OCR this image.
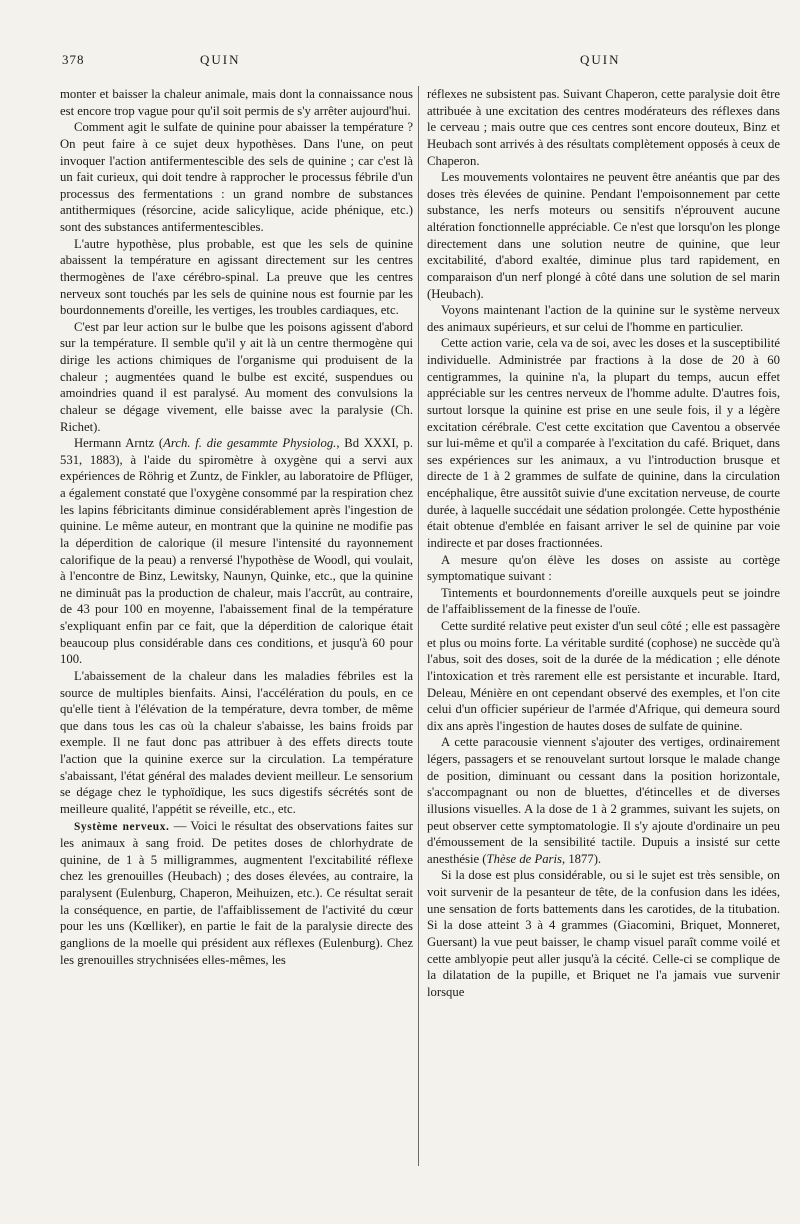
378	QUIN	QUIN

monter et baisser la chaleur animale, mais dont la connaissance nous est encore trop vague pour qu'il soit permis de s'y arrêter aujourd'hui.

Comment agit le sulfate de quinine pour abaisser la température ? On peut faire à ce sujet deux hypothèses. Dans l'une, on peut invoquer l'action antifermentescible des sels de quinine ; car c'est là un fait curieux, qui doit tendre à rapprocher le processus fébrile d'un processus des fermentations : un grand nombre de substances antithermiques (résorcine, acide salicylique, acide phénique, etc.) sont des substances antifermentescibles.

L'autre hypothèse, plus probable, est que les sels de quinine abaissent la température en agissant directement sur les centres thermogènes de l'axe cérébro-spinal. La preuve que les centres nerveux sont touchés par les sels de quinine nous est fournie par les bourdonnements d'oreille, les vertiges, les troubles cardiaques, etc.

C'est par leur action sur le bulbe que les poisons agissent d'abord sur la température. Il semble qu'il y ait là un centre thermogène qui dirige les actions chimiques de l'organisme qui produisent de la chaleur ; augmentées quand le bulbe est excité, suspendues ou amoindries quand il est paralysé. Au moment des convulsions la chaleur se dégage vivement, elle baisse avec la paralysie (Ch. Richet).

Hermann Arntz (Arch. f. die gesammte Physiolog., Bd XXXI, p. 531, 1883), à l'aide du spiromètre à oxygène qui a servi aux expériences de Röhrig et Zuntz, de Finkler, au laboratoire de Pflüger, a également constaté que l'oxygène consommé par la respiration chez les lapins fébricitants diminue considérablement après l'ingestion de quinine. Le même auteur, en montrant que la quinine ne modifie pas la déperdition de calorique (il mesure l'intensité du rayonnement calorifique de la peau) a renversé l'hypothèse de Woodl, qui voulait, à l'encontre de Binz, Lewitsky, Naunyn, Quinke, etc., que la quinine ne diminuât pas la production de chaleur, mais l'accrût, au contraire, de 43 pour 100 en moyenne, l'abaissement final de la température s'expliquant enfin par ce fait, que la déperdition de calorique était beaucoup plus considérable dans ces conditions, et jusqu'à 60 pour 100.

L'abaissement de la chaleur dans les maladies fébriles est la source de multiples bienfaits. Ainsi, l'accélération du pouls, en ce qu'elle tient à l'élévation de la température, devra tomber, de même que dans tous les cas où la chaleur s'abaisse, les bains froids par exemple. Il ne faut donc pas attribuer à des effets directs toute l'action que la quinine exerce sur la circulation. La température s'abaissant, l'état général des malades devient meilleur. Le sensorium se dégage chez le typhoïdique, les sucs digestifs sécrétés sont de meilleure qualité, l'appétit se réveille, etc., etc.

Système nerveux. — Voici le résultat des observations faites sur les animaux à sang froid. De petites doses de chlorhydrate de quinine, de 1 à 5 milligrammes, augmentent l'excitabilité réflexe chez les grenouilles (Heubach) ; des doses élevées, au contraire, la paralysent (Eulenburg, Chaperon, Meihuizen, etc.). Ce résultat serait la conséquence, en partie, de l'affaiblissement de l'activité du cœur pour les uns (Kœlliker), en partie le fait de la paralysie directe des ganglions de la moelle qui président aux réflexes (Eulenburg). Chez les grenouilles strychnisées elles-mêmes, les

réflexes ne subsistent pas. Suivant Chaperon, cette paralysie doit être attribuée à une excitation des centres modérateurs des réflexes dans le cerveau ; mais outre que ces centres sont encore douteux, Binz et Heubach sont arrivés à des résultats complètement opposés à ceux de Chaperon.

Les mouvements volontaires ne peuvent être anéantis que par des doses très élevées de quinine. Pendant l'empoisonnement par cette substance, les nerfs moteurs ou sensitifs n'éprouvent aucune altération fonctionnelle appréciable. Ce n'est que lorsqu'on les plonge directement dans une solution neutre de quinine, que leur excitabilité, d'abord exaltée, diminue plus tard rapidement, en comparaison d'un nerf plongé à côté dans une solution de sel marin (Heubach).

Voyons maintenant l'action de la quinine sur le système nerveux des animaux supérieurs, et sur celui de l'homme en particulier.

Cette action varie, cela va de soi, avec les doses et la susceptibilité individuelle. Administrée par fractions à la dose de 20 à 60 centigrammes, la quinine n'a, la plupart du temps, aucun effet appréciable sur les centres nerveux de l'homme adulte. D'autres fois, surtout lorsque la quinine est prise en une seule fois, il y a légère excitation cérébrale. C'est cette excitation que Caventou a observée sur lui-même et qu'il a comparée à l'excitation du café. Briquet, dans ses expériences sur les animaux, a vu l'introduction brusque et directe de 1 à 2 grammes de sulfate de quinine, dans la circulation encéphalique, être aussitôt suivie d'une excitation nerveuse, de courte durée, à laquelle succédait une sédation prolongée. Cette hyposthénie était obtenue d'emblée en faisant arriver le sel de quinine par voie indirecte et par doses fractionnées.

A mesure qu'on élève les doses on assiste au cortège symptomatique suivant :

Tintements et bourdonnements d'oreille auxquels peut se joindre de l'affaiblissement de la finesse de l'ouïe.

Cette surdité relative peut exister d'un seul côté ; elle est passagère et plus ou moins forte. La véritable surdité (cophose) ne succède qu'à l'abus, soit des doses, soit de la durée de la médication ; elle dénote l'intoxication et très rarement elle est persistante et incurable. Itard, Deleau, Ménière en ont cependant observé des exemples, et l'on cite celui d'un officier supérieur de l'armée d'Afrique, qui demeura sourd dix ans après l'ingestion de hautes doses de sulfate de quinine.

A cette paracousie viennent s'ajouter des vertiges, ordinairement légers, passagers et se renouvelant surtout lorsque le malade change de position, diminuant ou cessant dans la position horizontale, s'accompagnant ou non de bluettes, d'étincelles et de diverses illusions visuelles. A la dose de 1 à 2 grammes, suivant les sujets, on peut observer cette symptomatologie. Il s'y ajoute d'ordinaire un peu d'émoussement de la sensibilité tactile. Dupuis a insisté sur cette anesthésie (Thèse de Paris, 1877).

Si la dose est plus considérable, ou si le sujet est très sensible, on voit survenir de la pesanteur de tête, de la confusion dans les idées, une sensation de forts battements dans les carotides, de la titubation. Si la dose atteint 3 à 4 grammes (Giacomini, Briquet, Monneret, Guersant) la vue peut baisser, le champ visuel paraît comme voilé et cette amblyopie peut aller jusqu'à la cécité. Celle-ci se complique de la dilatation de la pupille, et Briquet ne l'a jamais vue survenir lorsque
